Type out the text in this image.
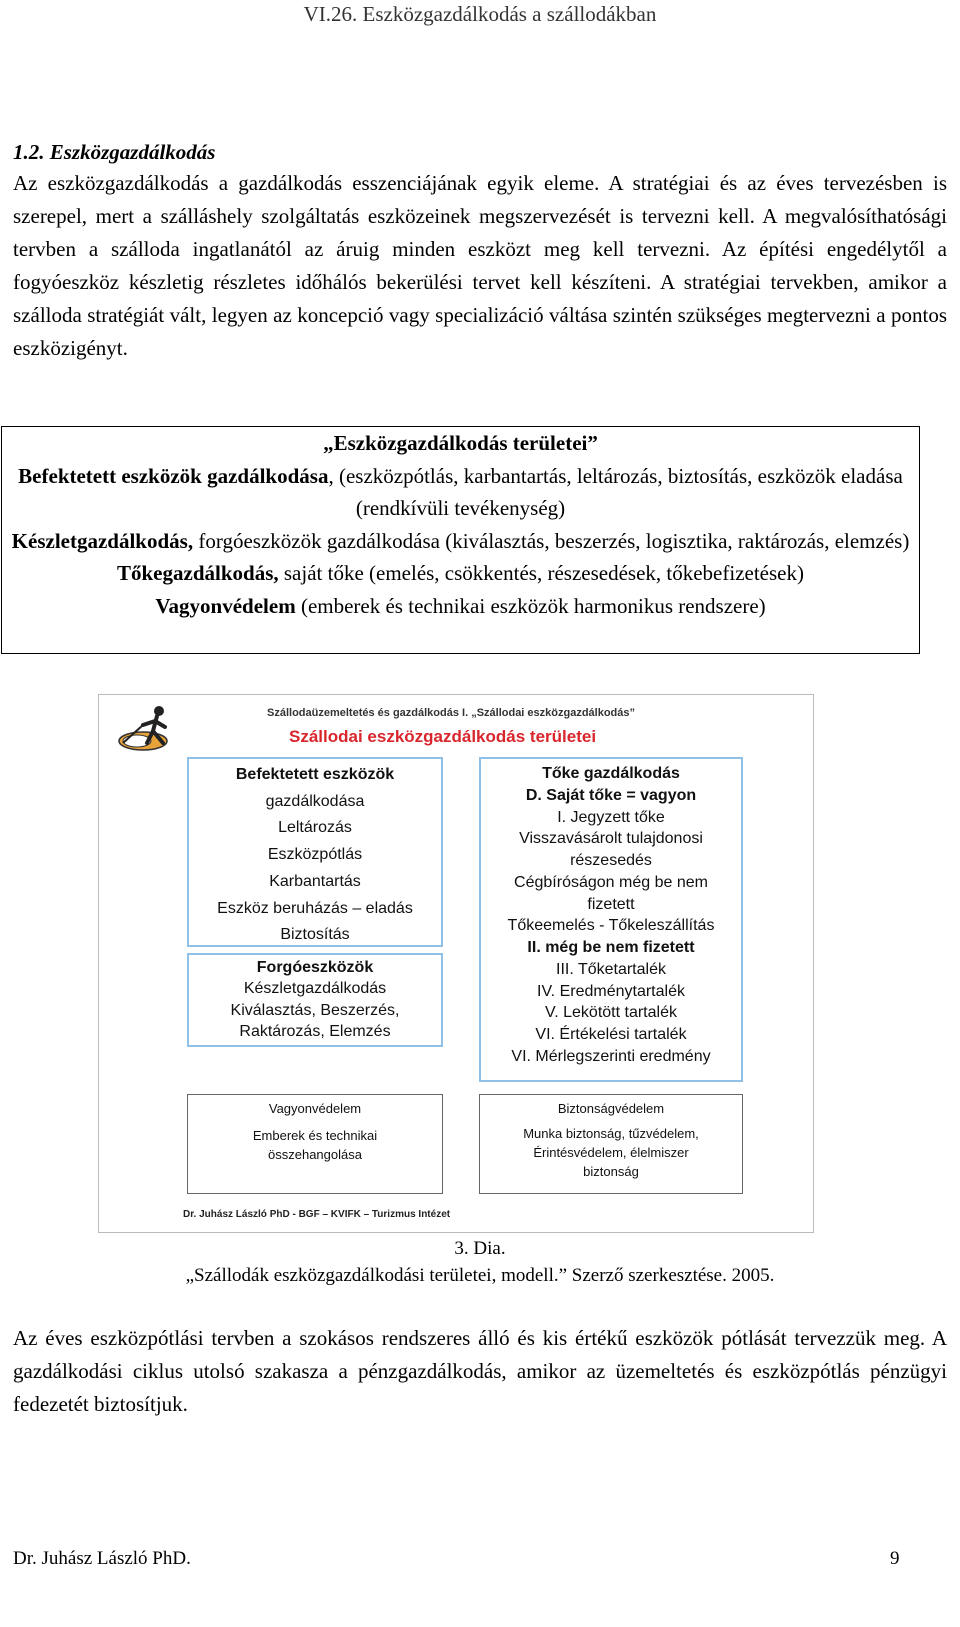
VI.26. Eszközgazdálkodás a szállodákban
1.2. Eszközgazdálkodás
Az eszközgazdálkodás a gazdálkodás esszenciájának egyik eleme. A stratégiai és az éves tervezésben is szerepel, mert a szálláshely szolgáltatás eszközeinek megszervezését is tervezni kell. A megvalósíthatósági tervben a szálloda ingatlanától az áruig minden eszközt meg kell tervezni. Az építési engedélytől a fogyóeszköz készletig részletes időhálós bekerülési tervet kell készíteni. A stratégiai tervekben, amikor a szálloda stratégiát vált, legyen az koncepció vagy specializáció váltása szintén szükséges megtervezni a pontos eszközigényt.

„Eszközgazdálkodás területei”

Befektetett eszközök gazdálkodása, (eszközpótlás, karbantartás, leltározás, biztosítás, eszközök eladása (rendkívüli tevékenység)

Készletgazdálkodás, forgóeszközök gazdálkodása (kiválasztás, beszerzés, logisztika, raktározás, elemzés)

Tőkegazdálkodás, saját tőke (emelés, csökkentés, részesedések, tőkebefizetések)

Vagyonvédelem (emberek és technikai eszközök harmonikus rendszere)

Szállodaüzemeltetés és gazdálkodás I. „Szállodai eszközgazdálkodás”
Szállodai eszközgazdálkodás területei
Befektetett eszközök
gazdálkodása
Leltározás
Eszközpótlás
Karbantartás
Eszköz beruházás – eladás
Biztosítás
Forgóeszközök
Készletgazdálkodás
Kiválasztás, Beszerzés,
Raktározás, Elemzés
Tőke gazdálkodás
D. Saját tőke = vagyon
I. Jegyzett tőke
Visszavásárolt tulajdonosi
részesedés
Cégbíróságon még be nem
fizetett
Tőkeemelés - Tőkeleszállítás
II. még be nem fizetett
III. Tőketartalék
IV. Eredménytartalék
V. Lekötött tartalék
VI. Értékelési tartalék
VI. Mérlegszerinti eredmény
Vagyonvédelem
Emberek és technikai
összehangolása
Biztonságvédelem
Munka biztonság, tűzvédelem,
Érintésvédelem, élelmiszer
biztonság
Dr. Juhász László PhD - BGF – KVIFK – Turizmus Intézet
3. Dia.
„Szállodák eszközgazdálkodási területei, modell.” Szerző szerkesztése. 2005.
Az éves eszközpótlási tervben a szokásos rendszeres álló és kis értékű eszközök pótlását tervezzük meg. A gazdálkodási ciklus utolsó szakasza a pénzgazdálkodás, amikor az üzemeltetés és eszközpótlás pénzügyi fedezetét biztosítjuk.
Dr. Juhász László PhD.	9
